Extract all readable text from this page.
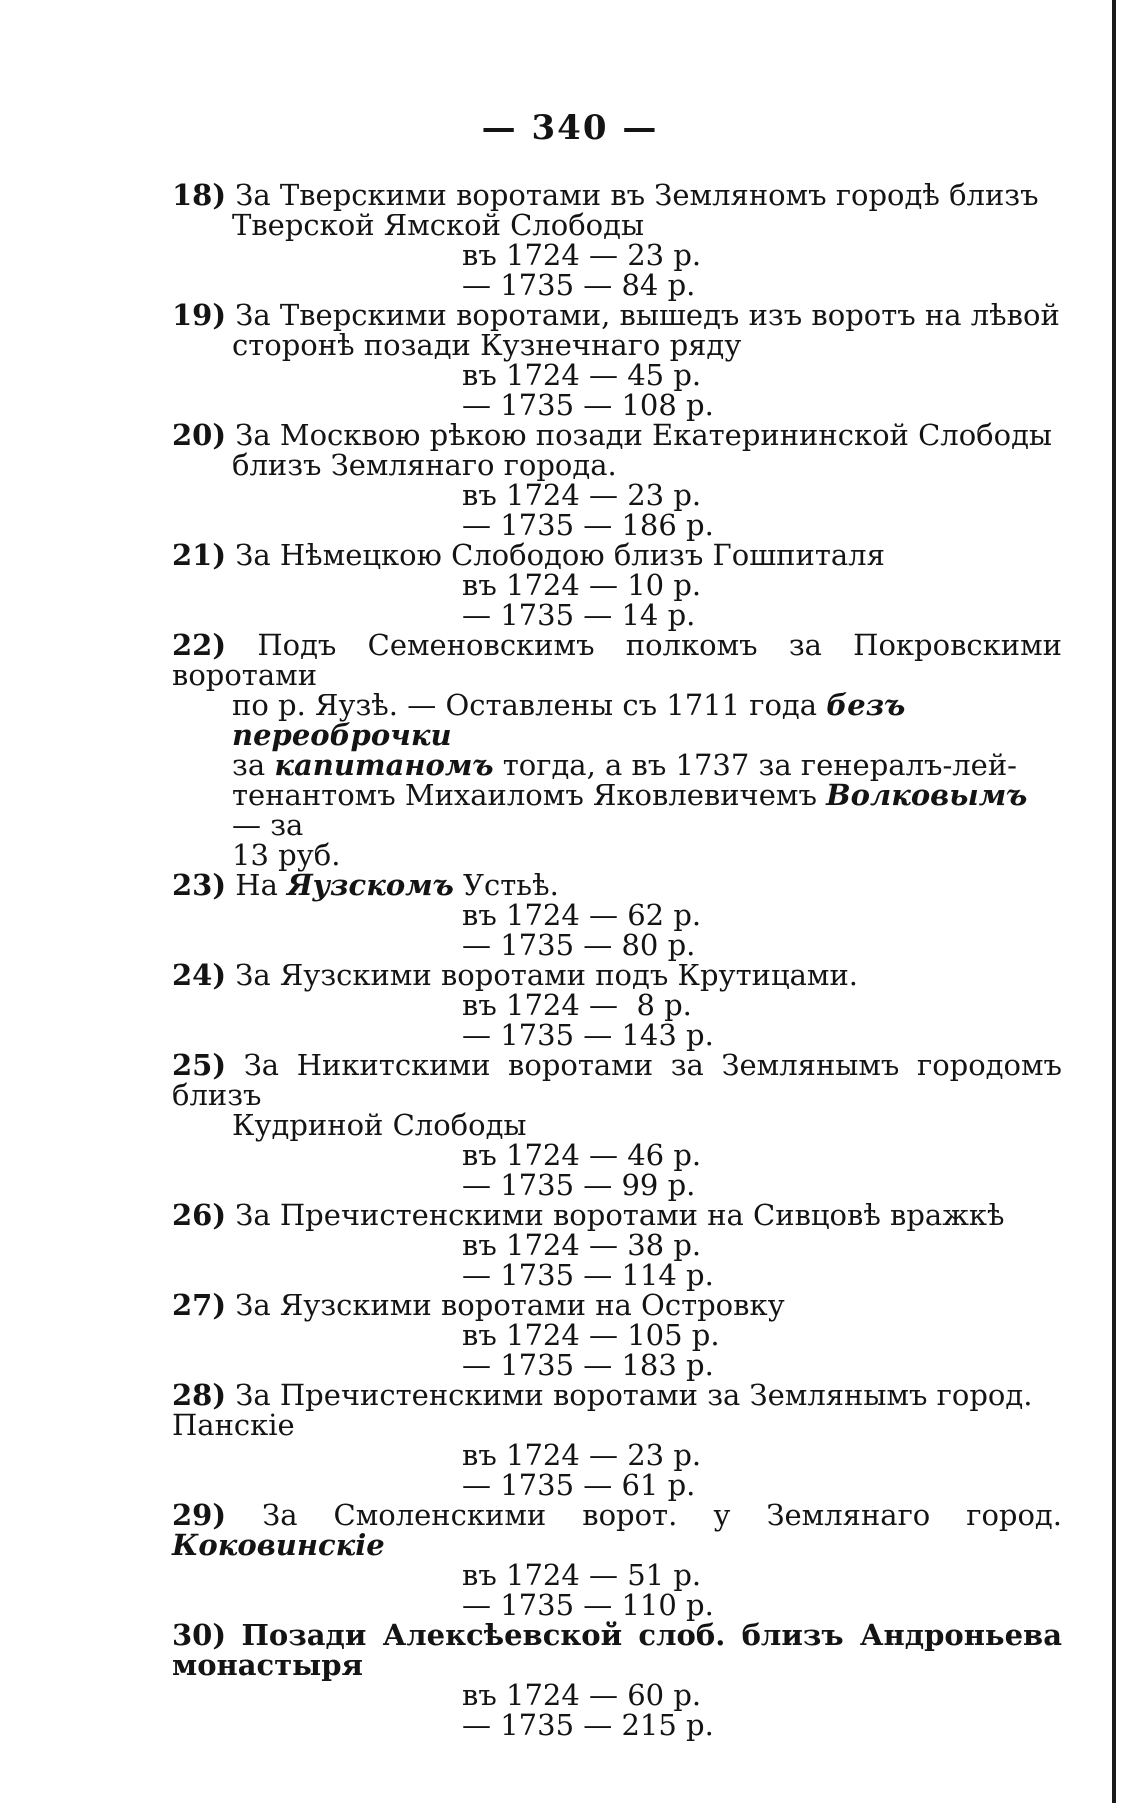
— 340 —
18) За Тверскими воротами въ Земляномъ городѣ близъ
Тверской Ямской Слободы
въ 1724 — 23 р.
— 1735 — 84 р.
19) За Тверскими воротами, вышедъ изъ воротъ на лѣвой
сторонѣ позади Кузнечнаго ряду
въ 1724 — 45 р.
— 1735 — 108 р.
20) За Москвою рѣкою позади Екатерининской Слободы
близъ Землянаго города.
въ 1724 — 23 р.
— 1735 — 186 р.
21) За Нѣмецкою Слободою близъ Гошпиталя
въ 1724 — 10 р.
— 1735 — 14 р.
22) Подъ Семеновскимъ полкомъ за Покровскими воротами
по р. Яузѣ. — Оставлены съ 1711 года безъ переоброчки
за капитаномъ тогда, а въ 1737 за генералъ-лей-
тенантомъ Михаиломъ Яковлевичемъ Волковымъ — за
13 руб.
23) На Яузскомъ Устьѣ.
въ 1724 — 62 р.
— 1735 — 80 р.
24) За Яузскими воротами подъ Крутицами.
въ 1724 —  8 р.
— 1735 — 143 р.
25) За Никитскими воротами за Землянымъ городомъ близъ
Кудриной Слободы
въ 1724 — 46 р.
— 1735 — 99 р.
26) За Пречистенскими воротами на Сивцовѣ вражкѣ
въ 1724 — 38 р.
— 1735 — 114 р.
27) За Яузскими воротами на Островку
въ 1724 — 105 р.
— 1735 — 183 р.
28) За Пречистенскими воротами за Землянымъ город.
Панскіе
въ 1724 — 23 р.
— 1735 — 61 р.
29) За Смоленскими ворот. у Землянаго город. Коковинскіе
въ 1724 — 51 р.
— 1735 — 110 р.
30) Позади Алексѣевской слоб. близъ Андроньева монастыря
въ 1724 — 60 р.
— 1735 — 215 р.
